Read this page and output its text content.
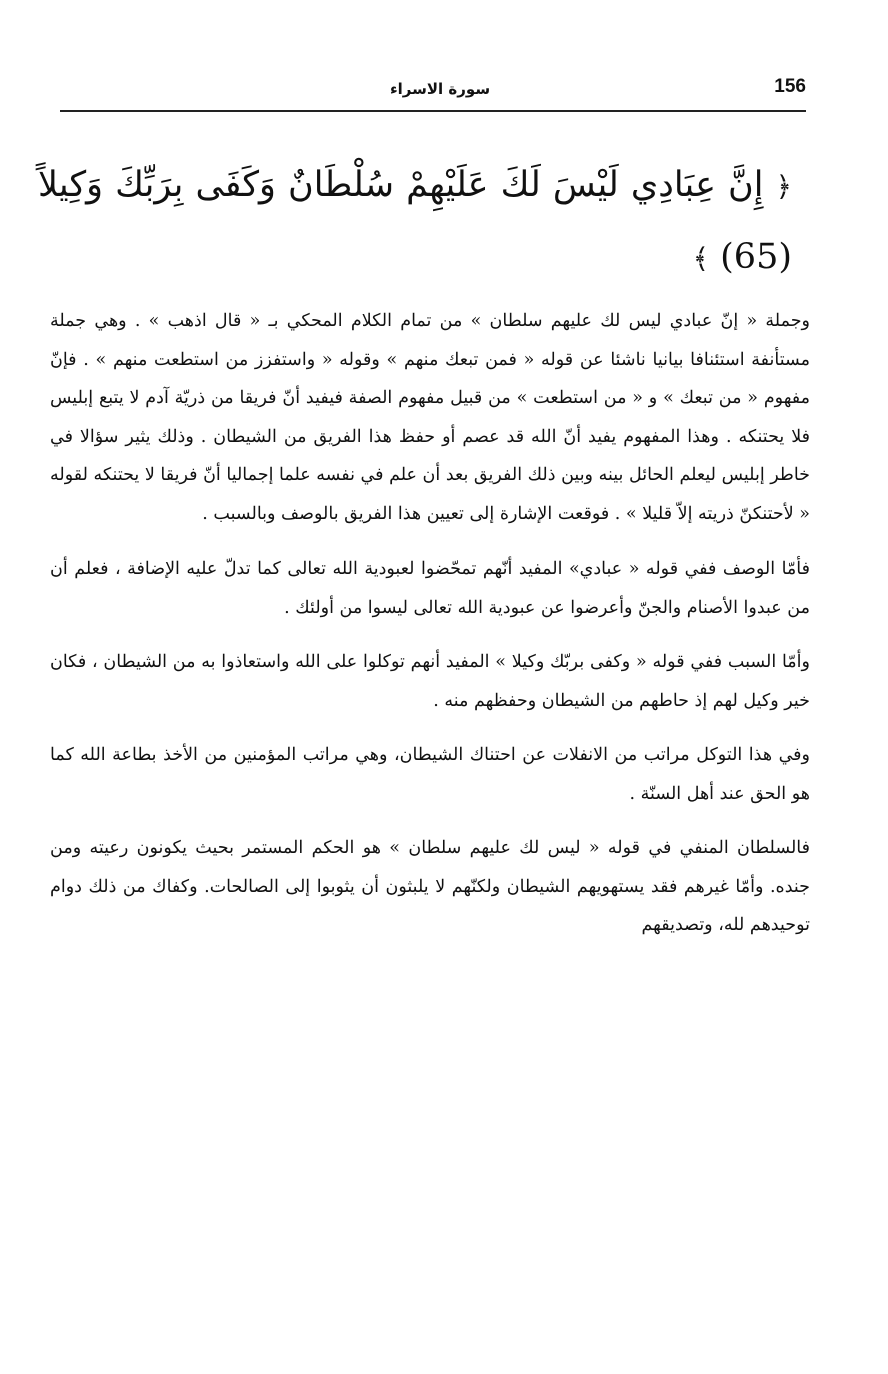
156
سورة الاسراء
﴿ إِنَّ عِبَادِي لَيْسَ لَكَ عَلَيْهِمْ سُلْطَانٌ وَكَفَى بِرَبِّكَ وَكِيلاً (65) ﴾

وجملة « إنّ عبادي ليس لك عليهم سلطان » من تمام الكلام المحكي بـ « قال اذهب » . وهي جملة مستأنفة استئنافا بيانيا ناشئا عن قوله « فمن تبعك منهم » وقوله « واستفزز من استطعت منهم » . فإنّ مفهوم « من تبعك » و « من استطعت » من قبيل مفهوم الصفة فيفيد أنّ فريقا من ذريّة آدم لا يتبع إبليس فلا يحتنكه . وهذا المفهوم يفيد أنّ الله قد عصم أو حفظ هذا الفريق من الشيطان . وذلك يثير سؤالا في خاطر إبليس ليعلم الحائل بينه وبين ذلك الفريق بعد أن علم في نفسه علما إجماليا أنّ فريقا لا يحتنكه لقوله « لأحتنكنّ ذريته إلاّ قليلا » . فوقعت الإشارة إلى تعيين هذا الفريق بالوصف وبالسبب .

فأمّا الوصف ففي قوله « عبادي» المفيد أنّهم تمحّضوا لعبودية الله تعالى كما تدلّ عليه الإضافة ، فعلم أن من عبدوا الأصنام والجنّ وأعرضوا عن عبودية الله تعالى ليسوا من أولئك .

وأمّا السبب ففي قوله « وكفى بربّك وكيلا » المفيد أنهم توكلوا على الله واستعاذوا به من الشيطان ، فكان خير وكيل لهم إذ حاطهم من الشيطان وحفظهم منه .

وفي هذا التوكل مراتب من الانفلات عن احتناك الشيطان، وهي مراتب المؤمنين من الأخذ بطاعة الله كما هو الحق عند أهل السنّة .

فالسلطان المنفي في قوله « ليس لك عليهم سلطان » هو الحكم المستمر بحيث يكونون رعيته ومن جنده. وأمّا غيرهم فقد يستهويهم الشيطان ولكنّهم لا يلبثون أن يثوبوا إلى الصالحات. وكفاك من ذلك دوام توحيدهم لله، وتصديقهم
